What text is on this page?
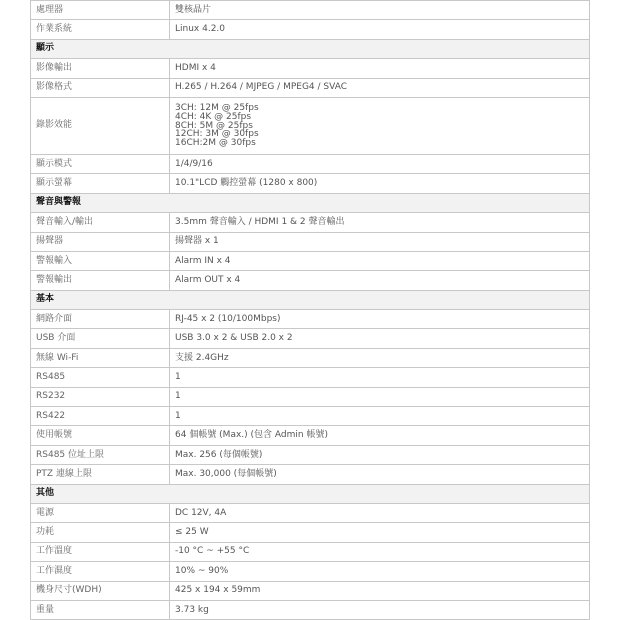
處理器	雙核晶片
作業系統	Linux 4.2.0
顯示	
影像輸出	HDMI x 4
影像格式	H.265 / H.264 / MJPEG / MPEG4 / SVAC
錄影效能	3CH: 12M @ 25fps
4CH: 4K @ 25fps
8CH: 5M @ 25fps
12CH: 3M @ 30fps
16CH:2M @ 30fps
顯示模式	1/4/9/16
顯示螢幕	10.1"LCD 觸控螢幕 (1280 x 800)
聲音與警報	
聲音輸入/輸出	3.5mm 聲音輸入 / HDMI 1 & 2 聲音輸出
揚聲器	揚聲器 x 1
警報輸入	Alarm IN x 4
警報輸出	Alarm OUT x 4
基本	
網路介面	RJ-45 x 2 (10/100Mbps)
USB 介面	USB 3.0 x 2 & USB 2.0 x 2
無線 Wi-Fi	支援 2.4GHz
RS485	1
RS232	1
RS422	1
使用帳號	64 個帳號 (Max.) (包含 Admin 帳號)
RS485 位址上限	Max. 256 (每個帳號)
PTZ 連線上限	Max. 30,000 (每個帳號)
其他	
電源	DC 12V, 4A
功耗	≤ 25 W
工作溫度	-10 °C ~ +55 °C
工作濕度	10% ~ 90%
機身尺寸(WDH)	425 x 194 x 59mm
重量	3.73 kg
